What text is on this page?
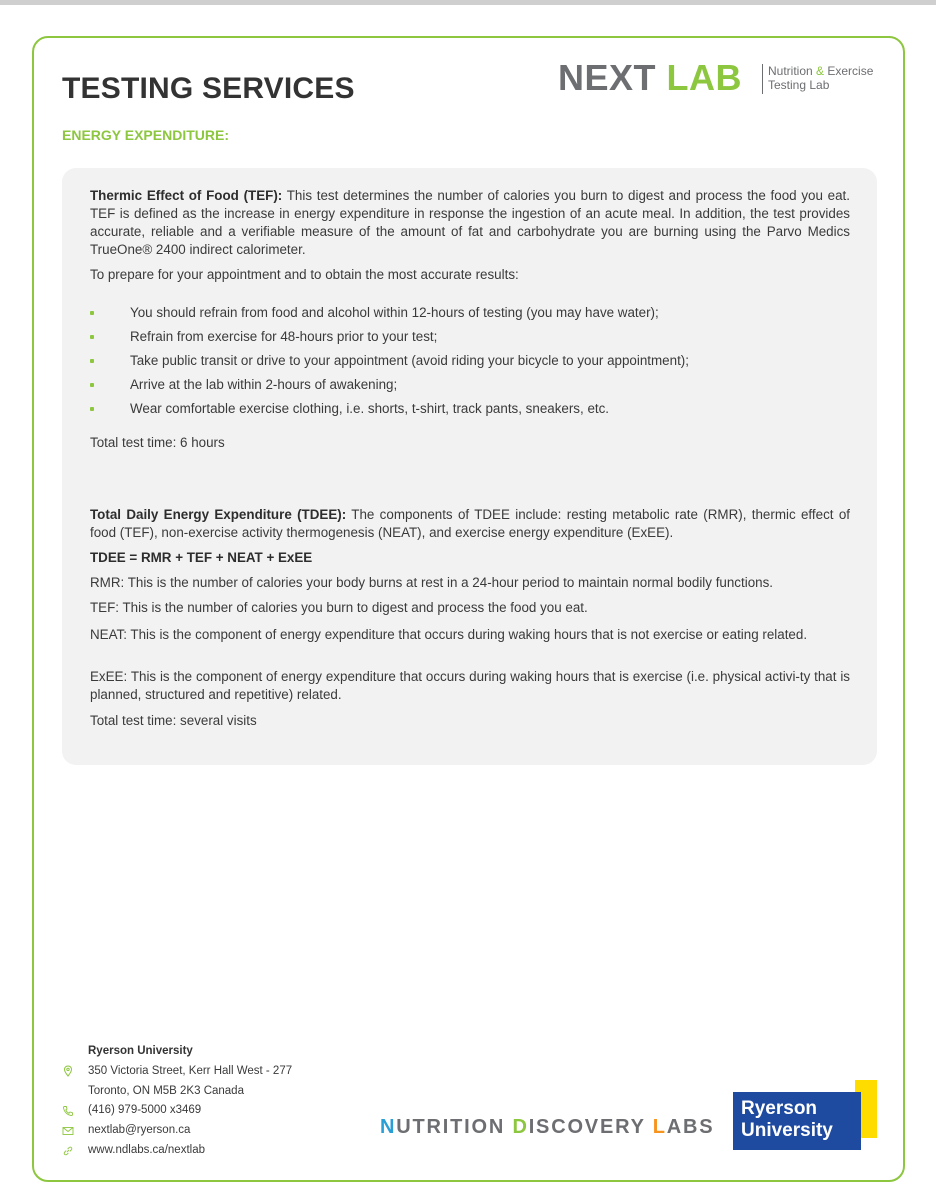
TESTING SERVICES	NEXT LAB Nutrition & Exercise
Testing Lab
ENERGY EXPENDITURE:
Thermic Effect of Food (TEF): This test determines the number of calories you burn to digest and process the food you eat. TEF is defined as the increase in energy expenditure in response the ingestion of an acute meal. In addition, the test provides accurate, reliable and a verifiable measure of the amount of fat and carbohydrate you are burning using the Parvo Medics TrueOne® 2400 indirect calorimeter.
To prepare for your appointment and to obtain the most accurate results:
You should refrain from food and alcohol within 12-hours of testing (you may have water);
Refrain from exercise for 48-hours prior to your test;
Take public transit or drive to your appointment (avoid riding your bicycle to your appointment);
Arrive at the lab within 2-hours of awakening;
Wear comfortable exercise clothing, i.e. shorts, t-shirt, track pants, sneakers, etc.
Total test time: 6 hours
Total Daily Energy Expenditure (TDEE): The components of TDEE include: resting metabolic rate (RMR), thermic effect of food (TEF), non-exercise activity thermogenesis (NEAT), and exercise energy expenditure (ExEE).
TDEE = RMR + TEF + NEAT + ExEE
RMR: This is the number of calories your body burns at rest in a 24-hour period to maintain normal bodily functions.
TEF: This is the number of calories you burn to digest and process the food you eat.
NEAT: This is the component of energy expenditure that occurs during waking hours that is not exercise or eating related.
ExEE: This is the component of energy expenditure that occurs during waking hours that is exercise (i.e. physical activi-ty that is planned, structured and repetitive) related.
Total test time: several visits
Ryerson University
350 Victoria Street, Kerr Hall West - 277
Toronto, ON M5B 2K3 Canada
(416) 979-5000 x3469
nextlab@ryerson.ca
www.ndlabs.ca/nextlab
NUTRITION DISCOVERY LABS
Ryerson
University
